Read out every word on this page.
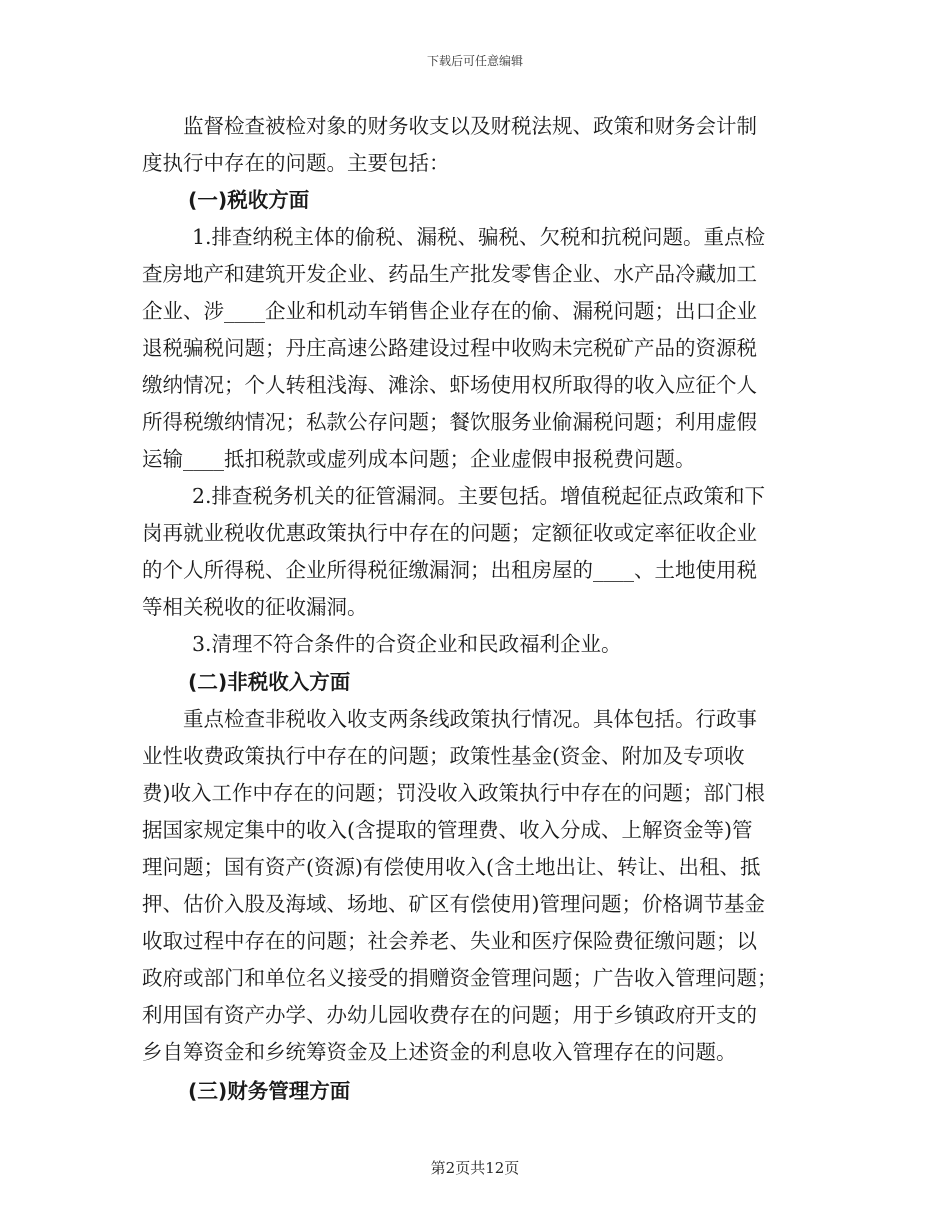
下载后可任意编辑
监督检查被检对象的财务收支以及财税法规、政策和财务会计制
度执行中存在的问题。主要包括：
(一)税收方面
1.排查纳税主体的偷税、漏税、骗税、欠税和抗税问题。重点检
查房地产和建筑开发企业、药品生产批发零售企业、水产品冷藏加工
企业、涉____企业和机动车销售企业存在的偷、漏税问题；出口企业
退税骗税问题；丹庄高速公路建设过程中收购未完税矿产品的资源税
缴纳情况；个人转租浅海、滩涂、虾场使用权所取得的收入应征个人
所得税缴纳情况；私款公存问题；餐饮服务业偷漏税问题；利用虚假
运输____抵扣税款或虚列成本问题；企业虚假申报税费问题。
2.排查税务机关的征管漏洞。主要包括。增值税起征点政策和下
岗再就业税收优惠政策执行中存在的问题；定额征收或定率征收企业
的个人所得税、企业所得税征缴漏洞；出租房屋的____、土地使用税
等相关税收的征收漏洞。
3.清理不符合条件的合资企业和民政福利企业。
(二)非税收入方面
重点检查非税收入收支两条线政策执行情况。具体包括。行政事
业性收费政策执行中存在的问题；政策性基金(资金、附加及专项收
费)收入工作中存在的问题；罚没收入政策执行中存在的问题；部门根
据国家规定集中的收入(含提取的管理费、收入分成、上解资金等)管
理问题；国有资产(资源)有偿使用收入(含土地出让、转让、出租、抵
押、估价入股及海域、场地、矿区有偿使用)管理问题；价格调节基金
收取过程中存在的问题；社会养老、失业和医疗保险费征缴问题；以
政府或部门和单位名义接受的捐赠资金管理问题；广告收入管理问题；
利用国有资产办学、办幼儿园收费存在的问题；用于乡镇政府开支的
乡自筹资金和乡统筹资金及上述资金的利息收入管理存在的问题。
(三)财务管理方面
第2页共12页
